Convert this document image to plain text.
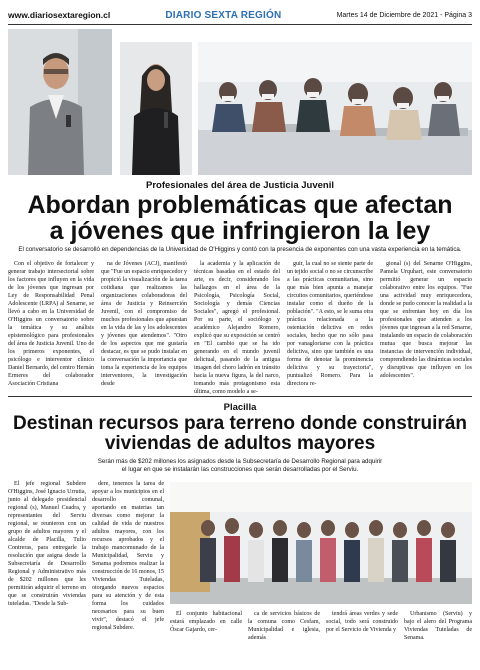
www.diariosextaregion.cl	DIARIO SEXTA REGIÓN	Martes 14 de Diciembre de 2021 - Página 3
Profesionales del área de Justicia Juvenil
Abordan problemáticas que afectan
a jóvenes que infringieron la ley
El conversatorio se desarrolló en dependencias de la Universidad de O'Higgins y contó con la presencia de exponentes con una vasta experiencia en la temática.

Con el objetivo de fortalecer y generar trabajo intersectorial sobre los factores que influyen en la vida de los jóvenes que ingresan por Ley de Responsabilidad Penal Adolescente (LRPA) al Senarne, se llevó a cabo en la Universidad de O'Higgins un conversatorio sobre la temática y su análisis epistemológico para profesionales del área de Justicia Juvenil. Uno de los primeros exponentes, el psicólogo e interventor clínico Daniel Bernardo, del centro Hernán Ermeres del colaborador Asociación Cristiana

na de Jóvenes (ACJ), manifestó que "Fue un espacio enriquecedor y propició la visualización de la tarea cotidiana que realizamos las organizaciones colaboradoras del área de Justicia y Reinserción Juvenil, con el compromiso de muchos profesionales que apuestan en la vida de las y los adolescentes y jóvenes que atendemos". "Otro de los aspectos que me gustaría destacar, es que se pudo instalar en la conversación la importancia que toma la experiencia de los equipos interventores, la investigación desde

la academia y la aplicación de técnicas basadas en el estado del arte, es decir, considerando los hallazgos en el área de la Psicología, Psicología Social, Sociología y demás Ciencias Sociales", agregó el profesional. Por su parte, el sociólogo y académico Alejandro Romero, explicó que su exposición se centró en "El cambio que se ha ido generando en el mundo juvenil delictual, pasando de la antigua imagen del choro ladrón en tránsito hacia la nueva figura, la del narco, tomando más protagonismo esta última, como modelo a se-

guir, la cual no se siente parte de un tejido social o no se circunscribe a las prácticas comunitarias, sino que más bien apunta a manejar circuitos comunitarios, queriéndose instalar como el dueño de la población". "A esto, se le suma otra práctica relacionada a la ostentación delictiva en redes sociales, hecho que no sólo pasa por vanagloriarse con la práctica delictiva, sino que también es una forma de denotar la prominencia delictiva y su trayectoria", puntualizó Romero. Para la directora re-

gional (s) del Senarne O'Higgins, Pamela Urquhart, este conversatorio permitió generar un espacio colaborativo entre los equipos. "Fue una actividad muy enriquecedora, donde se pudo conocer la realidad a la que se enfrentan hoy en día los profesionales que atienden a los jóvenes que ingresan a la red Senarne, instalando un espacio de colaboración mutua que busca mejorar las instancias de intervención individual, comprendiendo las dinámicas sociales y disruptivas que influyen en los adolescentes".

Placilla
Destinan recursos para terreno donde construirán
viviendas de adultos mayores
Serán más de $202 millones los asignados desde la Subsecretaría de Desarrollo Regional para adquirir
el lugar en que se instalarán las construcciones que serán desarrolladas por el Serviu.

El jefe regional Subdere O'Higgins, José Ignacio Urrutia, junto al delegado presidencial regional (s), Manuel Cuadra, y representantes del Serviu regional, se reunieron con un grupo de adultos mayores y el alcalde de Placilla, Tulio Contreras, para entregarle la resolución que asigna desde la Subsecretaría de Desarrollo Regional y Administrativo más de $202 millones que les permitirán adquirir el terreno en que se construirán viviendas tuteladas. "Desde la Sub-

dere, tenemos la tarea de apoyar a los municipios en el desarrollo comunal, aportando en materias tan diversas como mejorar la calidad de vida de nuestros adultos mayores, con los recursos aprobados y el trabajo mancomunado de la Municipalidad, Serviu y Senama podremos realizar la construcción de 16 monos, 15 Viviendas Tuteladas, otorgando nuevos espacios para su atención y de esta forma los cuidados necesarios para su buen vivir", destacó el jefe regional Subdere.

El conjunto habitacional estará emplazado en calle Óscar Gajardo, cer-

ca de servicios básicos de la comuna como Cesfam, Municipalidad e iglesia, además

tendrá áreas verdes y sede social, todo será construido por el Servicio de Vivienda y

Urbanismo (Serviu) y bajo el alero del Programa Viviendas Tuteladas de Senama.
